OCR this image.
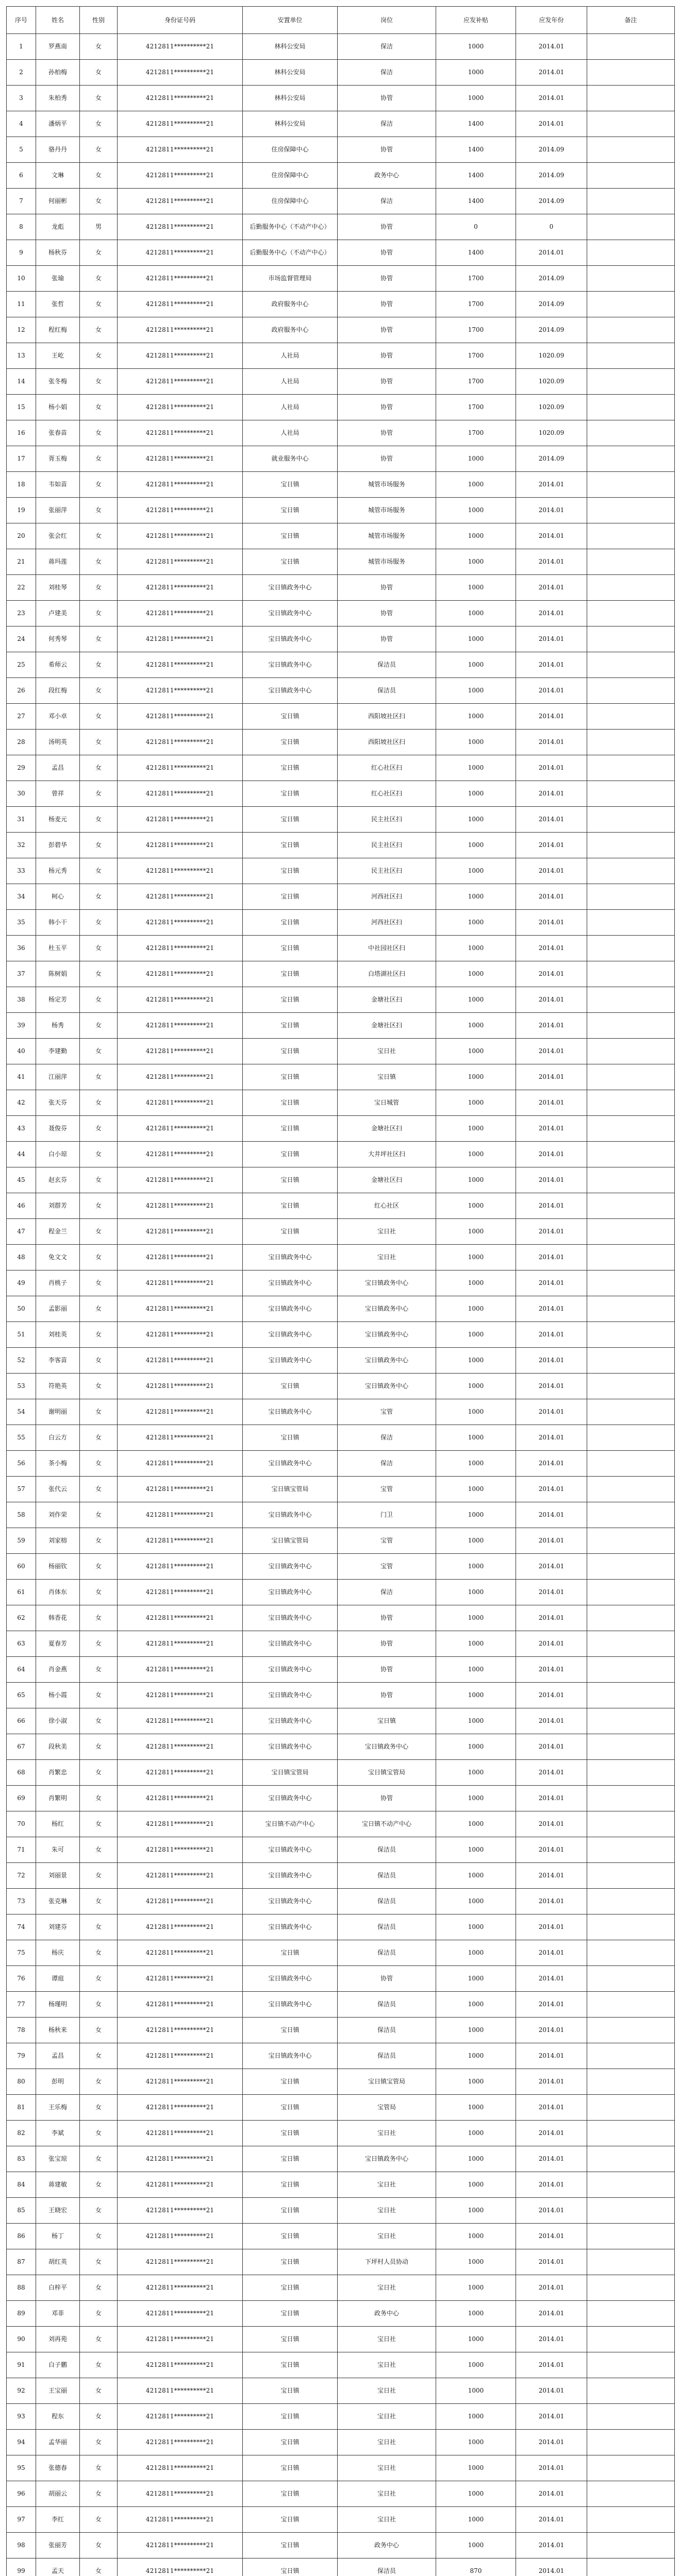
序号	姓名	性别	身份证号码	安置单位	岗位	应发补贴	应发年份	备注
1	罗燕南	女	4212811**********21	林科公安局	保洁	1000	2014.01	
2	孙柏梅	女	4212811**********21	林科公安局	保洁	1000	2014.01	
3	朱柏秀	女	4212811**********21	林科公安局	协管	1000	2014.01	
4	潘炳平	女	4212811**********21	林科公安局	保洁	1400	2014.01	
5	骆丹丹	女	4212811**********21	住房保障中心	协管	1400	2014.09	
6	文琳	女	4212811**********21	住房保障中心	政务中心	1400	2014.09	
7	何丽彬	女	4212811**********21	住房保障中心	保洁	1400	2014.09	
8	龙彪	男	4212811**********21	后勤服务中心（不动产中心）	协管	0	0	
9	杨秋芬	女	4212811**********21	后勤服务中心（不动产中心）	协管	1400	2014.01	
10	张瑜	女	4212811**********21	市场监督管理局	协管	1700	2014.09	
11	张哲	女	4212811**********21	政府服务中心	协管	1700	2014.09	
12	程红梅	女	4212811**********21	政府服务中心	协管	1700	2014.09	
13	王屹	女	4212811**********21	人社局	协管	1700	1020.09	
14	张冬梅	女	4212811**********21	人社局	协管	1700	1020.09	
15	杨小娟	女	4212811**********21	人社局	协管	1700	1020.09	
16	张春苗	女	4212811**********21	人社局	协管	1700	1020.09	
17	胥玉梅	女	4212811**********21	就业服务中心	协管	1000	2014.09	
18	韦如苗	女	4212811**********21	宝日镇	城管市场服务	1000	2014.01	
19	张丽萍	女	4212811**********21	宝日镇	城管市场服务	1000	2014.01	
20	张会红	女	4212811**********21	宝日镇	城管市场服务	1000	2014.01	
21	蒋玛莲	女	4212811**********21	宝日镇	城管市场服务	1000	2014.01	
22	刘桂琴	女	4212811**********21	宝日镇政务中心	协管	1000	2014.01	
23	卢建美	女	4212811**********21	宝日镇政务中心	协管	1000	2014.01	
24	何秀琴	女	4212811**********21	宝日镇政务中心	协管	1000	2014.01	
25	希师云	女	4212811**********21	宝日镇政务中心	保洁员	1000	2014.01	
26	段红梅	女	4212811**********21	宝日镇政务中心	保洁员	1000	2014.01	
27	邓小卓	女	4212811**********21	宝日镇	西阳坡社区扫	1000	2014.01	
28	汤明英	女	4212811**********21	宝日镇	西阳坡社区扫	1000	2014.01	
29	孟昌	女	4212811**********21	宝日镇	红心社区扫	1000	2014.01	
30	曾祥	女	4212811**********21	宝日镇	红心社区扫	1000	2014.01	
31	杨麦元	女	4212811**********21	宝日镇	民主社区扫	1000	2014.01	
32	彭碧华	女	4212811**********21	宝日镇	民主社区扫	1000	2014.01	
33	杨元秀	女	4212811**********21	宝日镇	民主社区扫	1000	2014.01	
34	柯心	女	4212811**********21	宝日镇	河西社区扫	1000	2014.01	
35	韩小干	女	4212811**********21	宝日镇	河西社区扫	1000	2014.01	
36	杜玉平	女	4212811**********21	宝日镇	中社园社区扫	1000	2014.01	
37	陈树娟	女	4212811**********21	宝日镇	白塔湖社区扫	1000	2014.01	
38	杨定芳	女	4212811**********21	宝日镇	金塘社区扫	1000	2014.01	
39	杨秀	女	4212811**********21	宝日镇	金塘社区扫	1000	2014.01	
40	李建勤	女	4212811**********21	宝日镇	宝日社	1000	2014.01	
41	江丽萍	女	4212811**********21	宝日镇	宝日镇	1000	2014.01	
42	张天芬	女	4212811**********21	宝日镇	宝日城管	1000	2014.01	
43	聂俊芬	女	4212811**********21	宝日镇	金塘社区扫	1000	2014.01	
44	白小琼	女	4212811**********21	宝日镇	大井坪社区扫	1000	2014.01	
45	赵玄芬	女	4212811**********21	宝日镇	金塘社区扫	1000	2014.01	
46	刘群芳	女	4212811**********21	宝日镇	红心社区	1000	2014.01	
47	程金兰	女	4212811**********21	宝日镇	宝日社	1000	2014.01	
48	免文文	女	4212811**********21	宝日镇政务中心	宝日社	1000	2014.01	
49	肖桃子	女	4212811**********21	宝日镇政务中心	宝日镇政务中心	1000	2014.01	
50	孟影丽	女	4212811**********21	宝日镇政务中心	宝日镇政务中心	1000	2014.01	
51	刘桂英	女	4212811**********21	宝日镇政务中心	宝日镇政务中心	1000	2014.01	
52	李客苗	女	4212811**********21	宝日镇政务中心	宝日镇政务中心	1000	2014.01	
53	符艳英	女	4212811**********21	宝日镇	宝日镇政务中心	1000	2014.01	
54	谢明丽	女	4212811**********21	宝日镇政务中心	宝管	1000	2014.01	
55	白云方	女	4212811**********21	宝日镇	保洁	1000	2014.01	
56	茶小梅	女	4212811**********21	宝日镇政务中心	保洁	1000	2014.01	
57	张代云	女	4212811**********21	宝日镇宝管局	宝管	1000	2014.01	
58	刘作荣	女	4212811**********21	宝日镇政务中心	门卫	1000	2014.01	
59	刘家榕	女	4212811**********21	宝日镇宝管局	宝管	1000	2014.01	
60	杨丽钦	女	4212811**********21	宝日镇政务中心	宝管	1000	2014.01	
61	肖体东	女	4212811**********21	宝日镇政务中心	保洁	1000	2014.01	
62	韩香花	女	4212811**********21	宝日镇政务中心	协管	1000	2014.01	
63	夏春芳	女	4212811**********21	宝日镇政务中心	协管	1000	2014.01	
64	肖金燕	女	4212811**********21	宝日镇政务中心	协管	1000	2014.01	
65	杨小霞	女	4212811**********21	宝日镇政务中心	协管	1000	2014.01	
66	徐小淑	女	4212811**********21	宝日镇政务中心	宝日镇	1000	2014.01	
67	段秋美	女	4212811**********21	宝日镇政务中心	宝日镇政务中心	1000	2014.01	
68	肖繁忠	女	4212811**********21	宝日镇宝管局	宝日镇宝管局	1000	2014.01	
69	肖繁明	女	4212811**********21	宝日镇政务中心	协管	1000	2014.01	
70	杨红	女	4212811**********21	宝日镇不动产中心	宝日镇不动产中心	1000	2014.01	
71	朱可	女	4212811**********21	宝日镇政务中心	保洁员	1000	2014.01	
72	刘丽景	女	4212811**********21	宝日镇政务中心	保洁员	1000	2014.01	
73	张克琳	女	4212811**********21	宝日镇政务中心	保洁员	1000	2014.01	
74	刘建芬	女	4212811**********21	宝日镇政务中心	保洁员	1000	2014.01	
75	杨庆	女	4212811**********21	宝日镇	保洁员	1000	2014.01	
76	谭庭	女	4212811**********21	宝日镇政务中心	协管	1000	2014.01	
77	杨瑾明	女	4212811**********21	宝日镇政务中心	保洁员	1000	2014.01	
78	杨秋来	女	4212811**********21	宝日镇	保洁员	1000	2014.01	
79	孟昌	女	4212811**********21	宝日镇政务中心	保洁员	1000	2014.01	
80	彭明	女	4212811**********21	宝日镇	宝日镇宝管局	1000	2014.01	
81	王乐梅	女	4212811**********21	宝日镇	宝管局	1000	2014.01	
82	李斌	女	4212811**********21	宝日镇	宝日社	1000	2014.01	
83	张宝琼	女	4212811**********21	宝日镇	宝日镇政务中心	1000	2014.01	
84	蒋建敏	女	4212811**********21	宝日镇	宝日社	1000	2014.01	
85	王晓宏	女	4212811**********21	宝日镇	宝日社	1000	2014.01	
86	杨丁	女	4212811**********21	宝日镇	宝日社	1000	2014.01	
87	胡红英	女	4212811**********21	宝日镇	下坪村人员协动	1000	2014.01	
88	白梓平	女	4212811**********21	宝日镇	宝日社	1000	2014.01	
89	邓菲	女	4212811**********21	宝日镇	政务中心	1000	2014.01	
90	刘再苑	女	4212811**********21	宝日镇	宝日社	1000	2014.01	
91	白子鹏	女	4212811**********21	宝日镇	宝日社	1000	2014.01	
92	王宝丽	女	4212811**********21	宝日镇	宝日社	1000	2014.01	
93	程东	女	4212811**********21	宝日镇	宝日社	1000	2014.01	
94	孟华丽	女	4212811**********21	宝日镇	宝日社	1000	2014.01	
95	张德春	女	4212811**********21	宝日镇	宝日社	1000	2014.01	
96	胡丽云	女	4212811**********21	宝日镇	宝日社	1000	2014.01	
97	李红	女	4212811**********21	宝日镇	宝日社	1000	2014.01	
98	张丽芳	女	4212811**********21	宝日镇	政务中心	1000	2014.01	
99	孟天	女	4212811**********21	宝日镇	保洁员	870	2014.01	
